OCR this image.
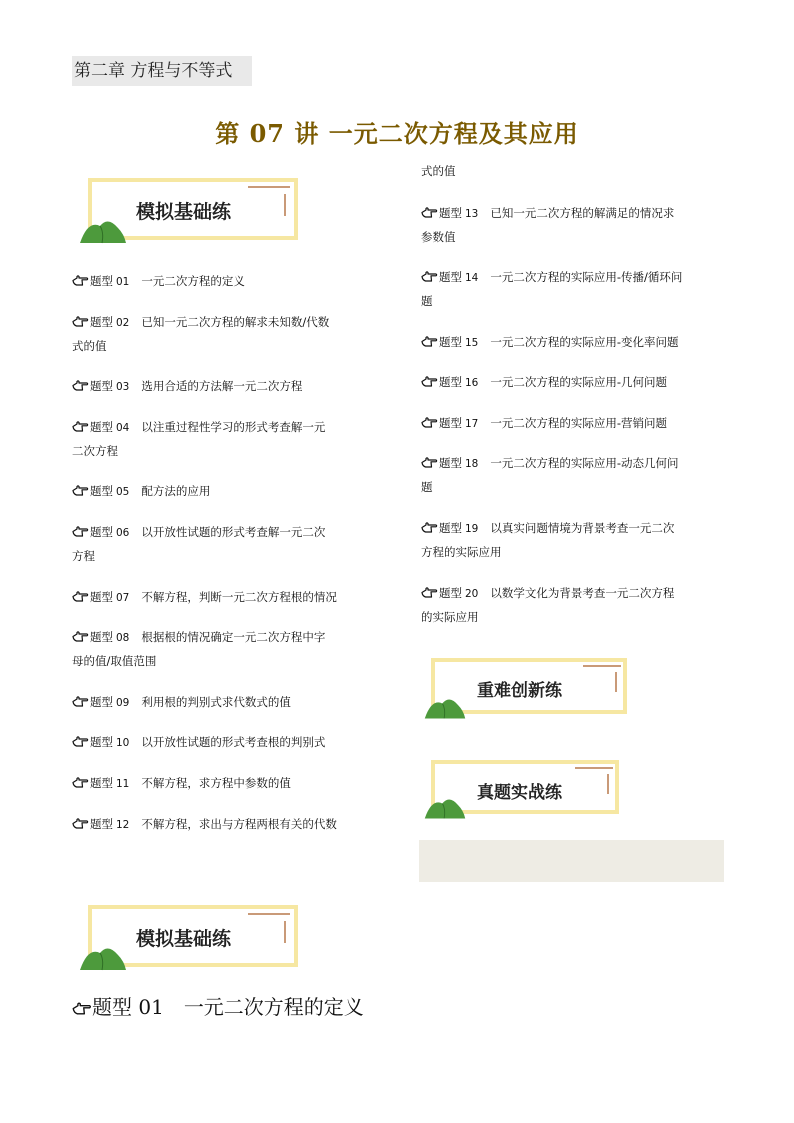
第二章 方程与不等式
第 07 讲 一元二次方程及其应用
模拟基础练
题型 01 一元二次方程的定义
题型 02 已知一元二次方程的解求未知数/代数
式的值
题型 03 选用合适的方法解一元二次方程
题型 04 以注重过程性学习的形式考查解一元
二次方程
题型 05 配方法的应用
题型 06 以开放性试题的形式考查解一元二次
方程
题型 07 不解方程，判断一元二次方程根的情况
题型 08 根据根的情况确定一元二次方程中字
母的值/取值范围
题型 09 利用根的判别式求代数式的值
题型 10 以开放性试题的形式考查根的判别式
题型 11 不解方程，求方程中参数的值
题型 12 不解方程，求出与方程两根有关的代数
式的值
题型 13 已知一元二次方程的解满足的情况求
参数值
题型 14 一元二次方程的实际应用-传播/循环问
题
题型 15 一元二次方程的实际应用-变化率问题
题型 16 一元二次方程的实际应用-几何问题
题型 17 一元二次方程的实际应用-营销问题
题型 18 一元二次方程的实际应用-动态几何问
题
题型 19 以真实问题情境为背景考查一元二次
方程的实际应用
题型 20 以数学文化为背景考查一元二次方程
的实际应用
重难创新练
真题实战练
模拟基础练
题型 01 一元二次方程的定义
